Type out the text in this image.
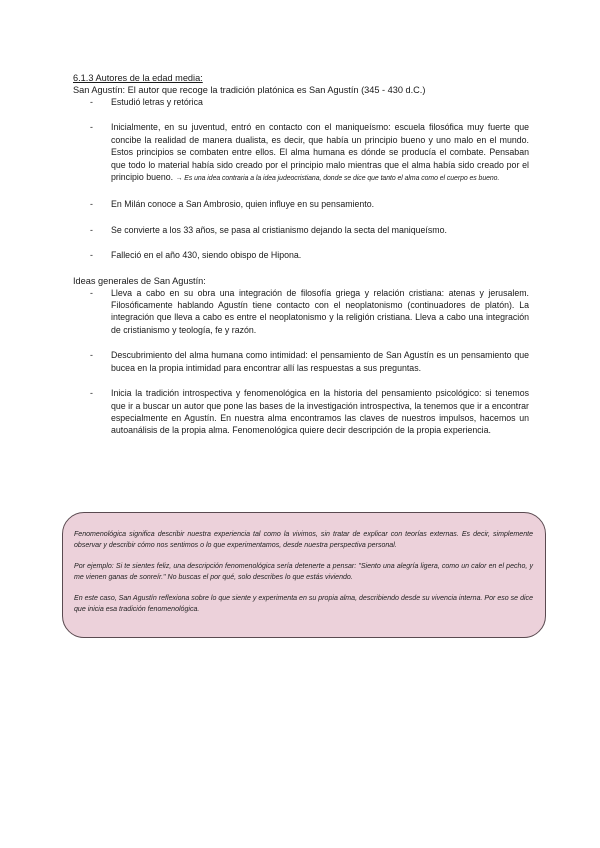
6.1.3 Autores de la edad media:
San Agustín: El autor que recoge la tradición platónica es San Agustín (345 - 430 d.C.)
- Estudió letras y retórica
- Inicialmente, en su juventud, entró en contacto con el maniqueísmo: escuela filosófica muy fuerte que concibe la realidad de manera dualista, es decir, que había un principio bueno y uno malo en el mundo. Estos principios se combaten entre ellos. El alma humana es dónde se producía el combate. Pensaban que todo lo material había sido creado por el principio malo mientras que el alma había sido creado por el principio bueno. → Es una idea contraria a la idea judeocristiana, donde se dice que tanto el alma como el cuerpo es bueno.
- En Milán conoce a San Ambrosio, quien influye en su pensamiento.
- Se convierte a los 33 años, se pasa al cristianismo dejando la secta del maniqueísmo.
- Falleció en el año 430, siendo obispo de Hipona.
Ideas generales de San Agustín:
- Lleva a cabo en su obra una integración de filosofía griega y relación cristiana: atenas y jerusalem. Filosóficamente hablando Agustín tiene contacto con el neoplatonismo (continuadores de platón). La integración que lleva a cabo es entre el neoplatonismo y la religión cristiana. Lleva a cabo una integración de cristianismo y teología, fe y razón.
- Descubrimiento del alma humana como intimidad: el pensamiento de San Agustín es un pensamiento que bucea en la propia intimidad para encontrar allí las respuestas a sus preguntas.
- Inicia la tradición introspectiva y fenomenológica en la historia del pensamiento psicológico: si tenemos que ir a buscar un autor que pone las bases de la investigación introspectiva, la tenemos que ir a encontrar especialmente en Agustín. En nuestra alma encontramos las claves de nuestros impulsos, hacemos un autoanálisis de la propia alma. Fenomenológica quiere decir descripción de la propia experiencia.

Fenomenológica significa describir nuestra experiencia tal como la vivimos, sin tratar de explicar con teorías externas. Es decir, simplemente observar y describir cómo nos sentimos o lo que experimentamos, desde nuestra perspectiva personal.

Por ejemplo: Si te sientes feliz, una descripción fenomenológica sería detenerte a pensar: "Siento una alegría ligera, como un calor en el pecho, y me vienen ganas de sonreír." No buscas el por qué, solo describes lo que estás viviendo.

En este caso, San Agustín reflexiona sobre lo que siente y experimenta en su propia alma, describiendo desde su vivencia interna. Por eso se dice que inicia esa tradición fenomenológica.
